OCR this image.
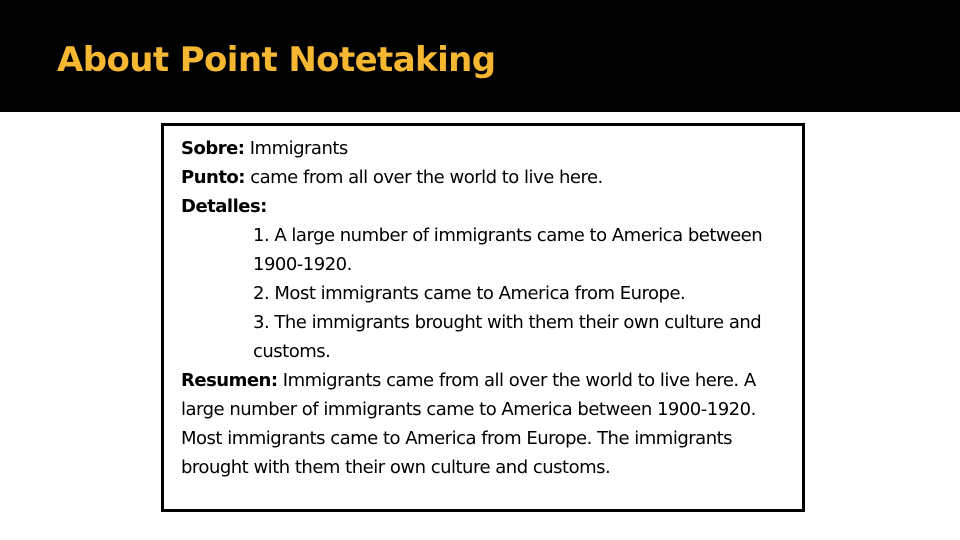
About Point Notetaking
Sobre: Immigrants
Punto: came from all over the world to live here.
Detalles:
1. A large number of immigrants came to America between 1900-1920.
2. Most immigrants came to America from Europe.
3. The immigrants brought with them their own culture and customs.
Resumen: Immigrants came from all over the world to live here. A large number of immigrants came to America between 1900-1920. Most immigrants came to America from Europe. The immigrants brought with them their own culture and customs.
